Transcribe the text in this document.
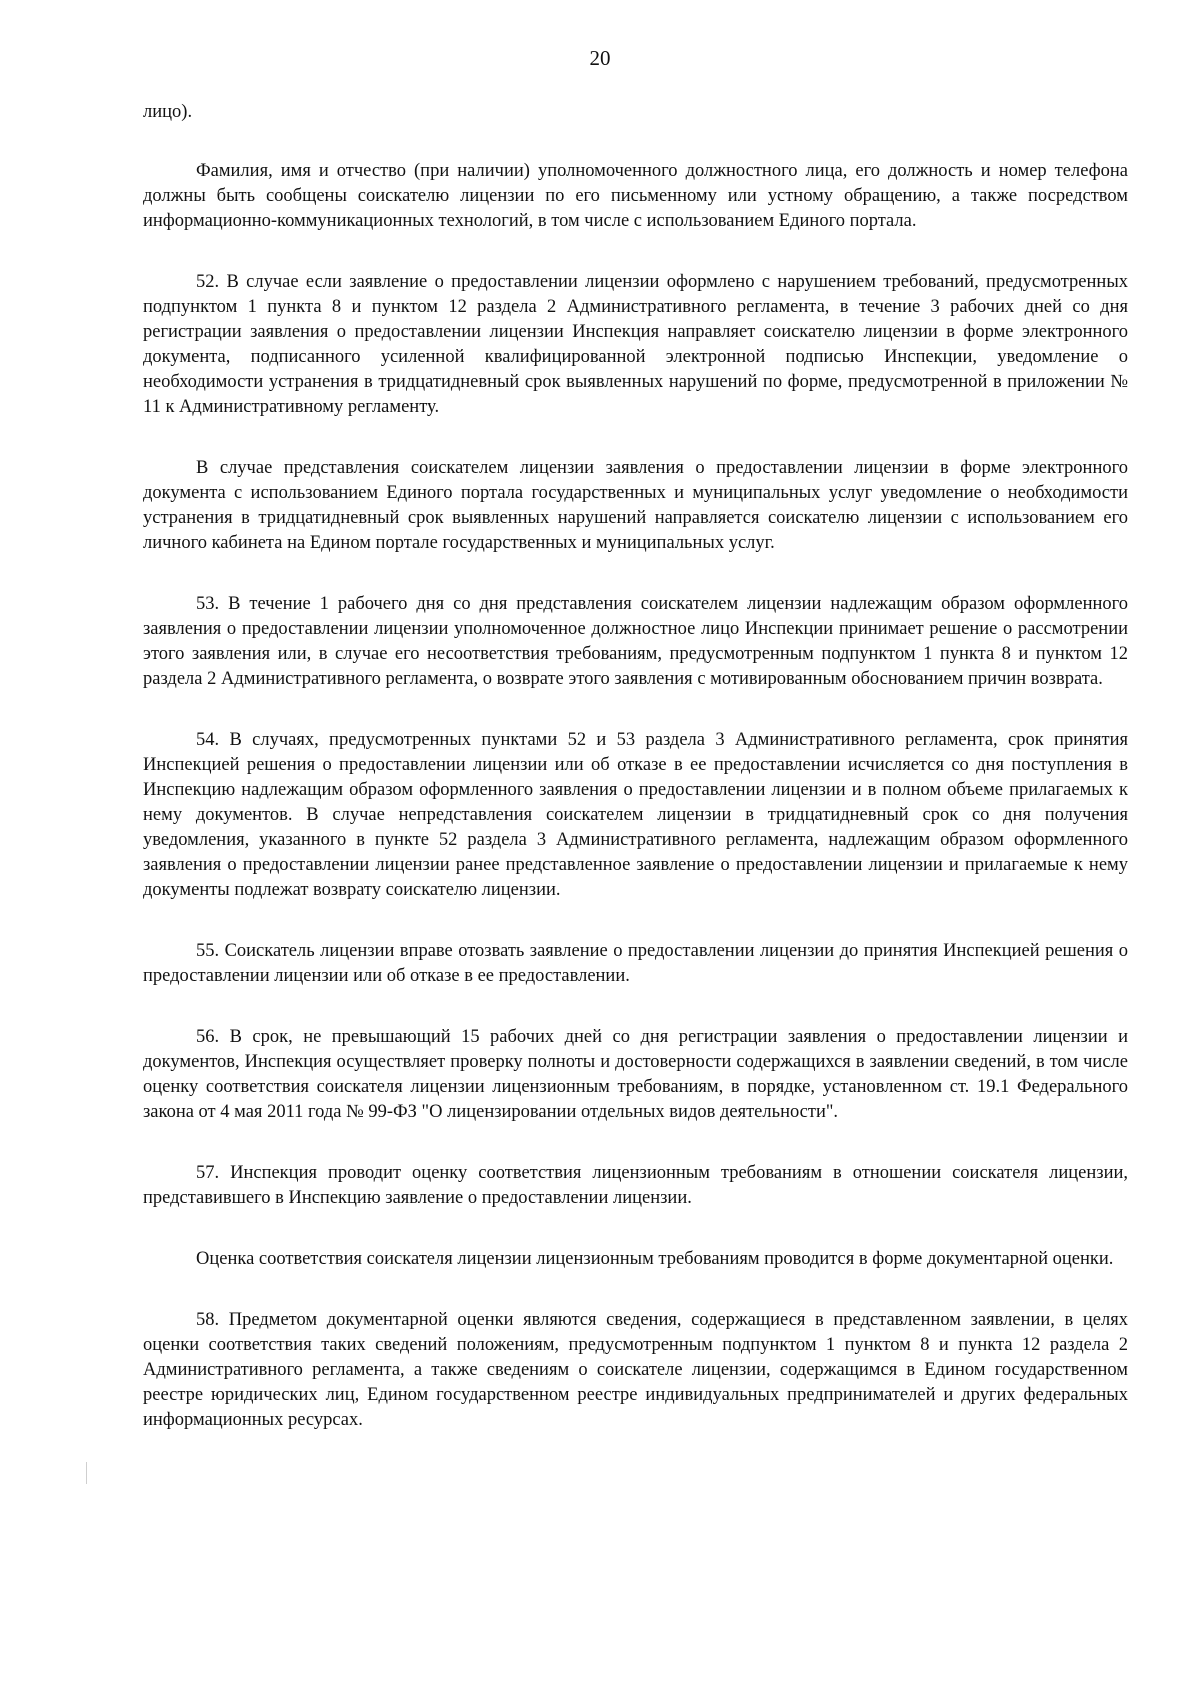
20

лицо).

Фамилия, имя и отчество (при наличии) уполномоченного должностного лица, его должность и номер телефона должны быть сообщены соискателю лицензии по его письменному или устному обращению, а также посредством информационно-коммуникационных технологий, в том числе с использованием Единого портала.

52. В случае если заявление о предоставлении лицензии оформлено с нарушением требований, предусмотренных подпунктом 1 пункта 8 и пунктом 12 раздела 2 Административного регламента, в течение 3 рабочих дней со дня регистрации заявления о предоставлении лицензии Инспекция направляет соискателю лицензии в форме электронного документа, подписанного усиленной квалифицированной электронной подписью Инспекции, уведомление о необходимости устранения в тридцатидневный срок выявленных нарушений по форме, предусмотренной в приложении № 11 к Административному регламенту.

В случае представления соискателем лицензии заявления о предоставлении лицензии в форме электронного документа с использованием Единого портала государственных и муниципальных услуг уведомление о необходимости устранения в тридцатидневный срок выявленных нарушений направляется соискателю лицензии с использованием его личного кабинета на Едином портале государственных и муниципальных услуг.

53. В течение 1 рабочего дня со дня представления соискателем лицензии надлежащим образом оформленного заявления о предоставлении лицензии уполномоченное должностное лицо Инспекции принимает решение о рассмотрении этого заявления или, в случае его несоответствия требованиям, предусмотренным подпунктом 1 пункта 8 и пунктом 12 раздела 2 Административного регламента, о возврате этого заявления с мотивированным обоснованием причин возврата.

54. В случаях, предусмотренных пунктами 52 и 53 раздела 3 Административного регламента, срок принятия Инспекцией решения о предоставлении лицензии или об отказе в ее предоставлении исчисляется со дня поступления в Инспекцию надлежащим образом оформленного заявления о предоставлении лицензии и в полном объеме прилагаемых к нему документов. В случае непредставления соискателем лицензии в тридцатидневный срок со дня получения уведомления, указанного в пункте 52 раздела 3 Административного регламента, надлежащим образом оформленного заявления о предоставлении лицензии ранее представленное заявление о предоставлении лицензии и прилагаемые к нему документы подлежат возврату соискателю лицензии.

55. Соискатель лицензии вправе отозвать заявление о предоставлении лицензии до принятия Инспекцией решения о предоставлении лицензии или об отказе в ее предоставлении.

56. В срок, не превышающий 15 рабочих дней со дня регистрации заявления о предоставлении лицензии и документов, Инспекция осуществляет проверку полноты и достоверности содержащихся в заявлении сведений, в том числе оценку соответствия соискателя лицензии лицензионным требованиям, в порядке, установленном ст. 19.1 Федерального закона от 4 мая 2011 года № 99-ФЗ "О лицензировании отдельных видов деятельности".

57. Инспекция проводит оценку соответствия лицензионным требованиям в отношении соискателя лицензии, представившего в Инспекцию заявление о предоставлении лицензии.

Оценка соответствия соискателя лицензии лицензионным требованиям проводится в форме документарной оценки.

58. Предметом документарной оценки являются сведения, содержащиеся в представленном заявлении, в целях оценки соответствия таких сведений положениям, предусмотренным подпунктом 1 пунктом 8 и пункта 12 раздела 2 Административного регламента, а также сведениям о соискателе лицензии, содержащимся в Едином государственном реестре юридических лиц, Едином государственном реестре индивидуальных предпринимателей и других федеральных информационных ресурсах.
